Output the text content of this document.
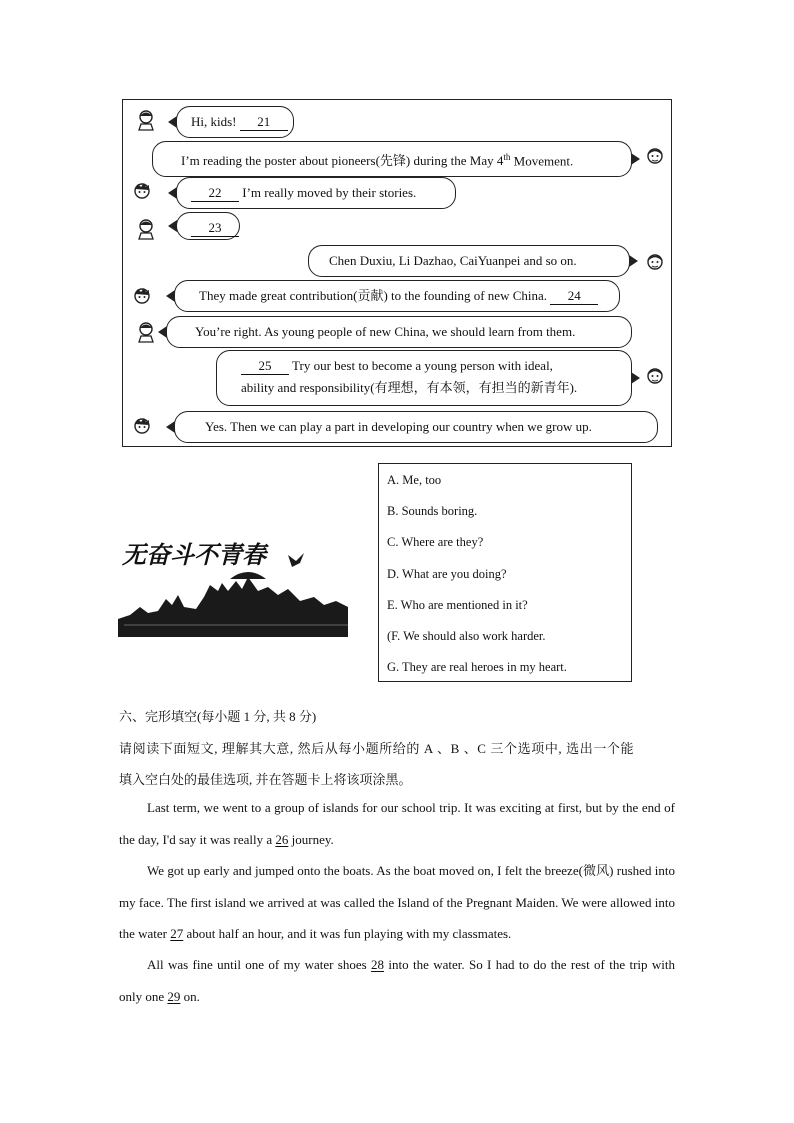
Hi, kids! 21
I’m reading the poster about pioneers(先锋) during the May 4th Movement.
22 I’m really moved by their stories.
23
Chen Duxiu, Li Dazhao, CaiYuanpei and so on.
They made great contribution(贡献) to the founding of new China. 24
You’re right. As young people of new China, we should learn from them.
25 Try our best to become a young person with ideal,
ability and responsibility(有理想，有本领，有担当的新青年).
Yes. Then we can play a part in developing our country when we grow up.
无奋斗不青春
A. Me, too
B. Sounds boring.
C. Where are they?
D. What are you doing?
E. Who are mentioned in it?
(F. We should also work harder.
G. They are real heroes in my heart.
六、完形填空(每小题 1 分, 共 8 分)
请阅读下面短文, 理解其大意, 然后从每小题所给的 A 、B 、C 三个选项中, 选出一个能
填入空白处的最佳选项, 并在答题卡上将该项涂黑。
Last term, we went to a group of islands for our school trip. It was exciting at first, but by the end of the day, I'd say it was really a 26 journey.
We got up early and jumped onto the boats. As the boat moved on, I felt the breeze(微风) rushed into my face. The first island we arrived at was called the Island of the Pregnant Maiden. We were allowed into the water 27 about half an hour, and it was fun playing with my classmates.
All was fine until one of my water shoes 28 into the water. So I had to do the rest of the trip with only one 29 on.
